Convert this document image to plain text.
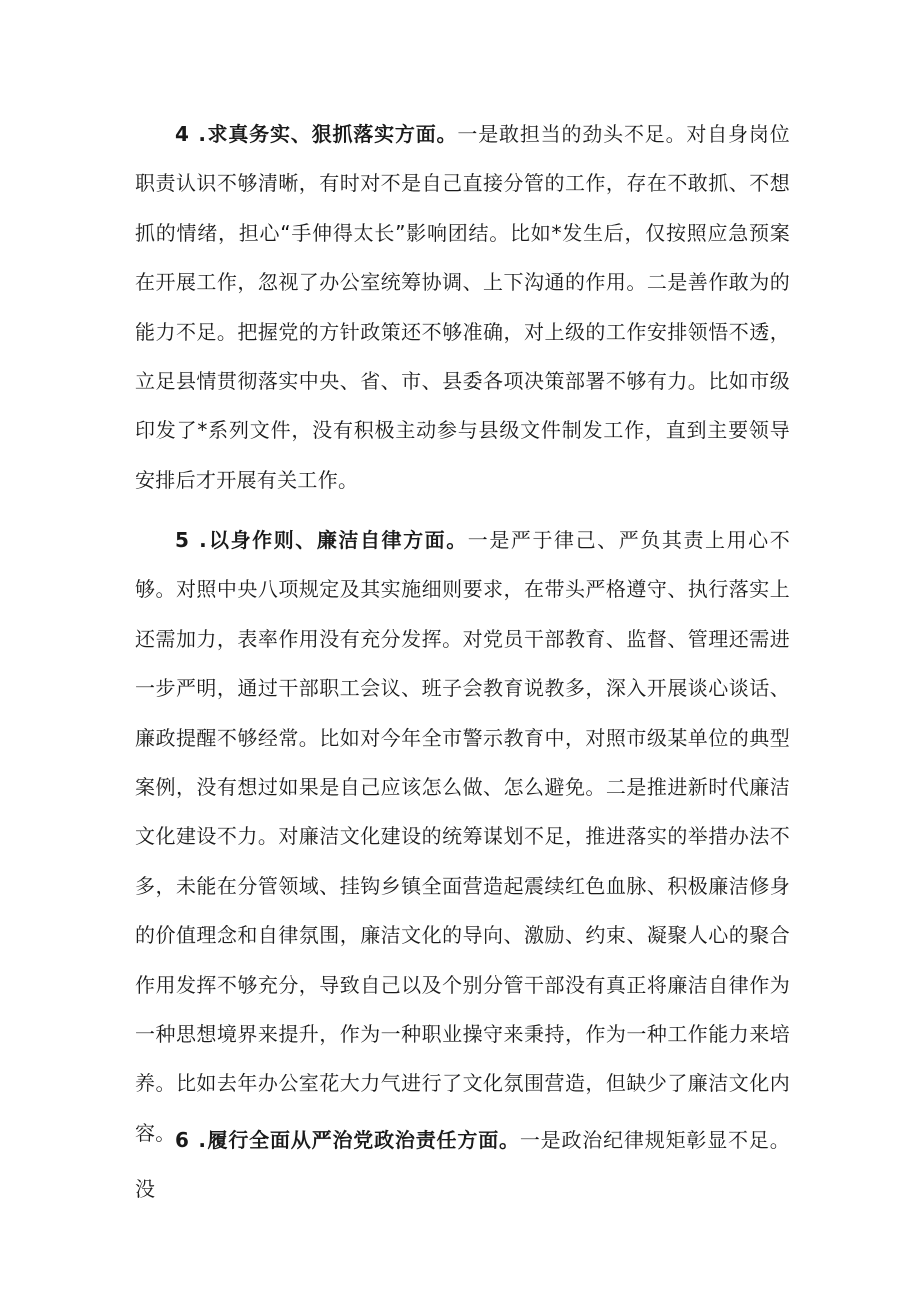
4 .求真务实、狠抓落实方面。一是敢担当的劲头不足。对自身岗位职责认识不够清晰，有时对不是自己直接分管的工作，存在不敢抓、不想抓的情绪，担心“手伸得太长”影响团结。比如*发生后，仅按照应急预案在开展工作，忽视了办公室统筹协调、上下沟通的作用。二是善作敢为的能力不足。把握党的方针政策还不够准确，对上级的工作安排领悟不透，立足县情贯彻落实中央、省、市、县委各项决策部署不够有力。比如市级印发了*系列文件，没有积极主动参与县级文件制发工作，直到主要领导安排后才开展有关工作。

5 .以身作则、廉洁自律方面。一是严于律己、严负其责上用心不够。对照中央八项规定及其实施细则要求，在带头严格遵守、执行落实上还需加力，表率作用没有充分发挥。对党员干部教育、监督、管理还需进一步严明，通过干部职工会议、班子会教育说教多，深入开展谈心谈话、廉政提醒不够经常。比如对今年全市警示教育中，对照市级某单位的典型案例，没有想过如果是自己应该怎么做、怎么避免。二是推进新时代廉洁文化建设不力。对廉洁文化建设的统筹谋划不足，推进落实的举措办法不多，未能在分管领域、挂钩乡镇全面营造起震续红色血脉、积极廉洁修身的价值理念和自律氛围，廉洁文化的导向、激励、约束、凝聚人心的聚合作用发挥不够充分，导致自己以及个别分管干部没有真正将廉洁自律作为一种思想境界来提升，作为一种职业操守来秉持，作为一种工作能力来培养。比如去年办公室花大力气进行了文化氛围营造，但缺少了廉洁文化内容。 6 .履行全面从严治党政治责任方面。一是政治纪律规矩彰显不足。没
